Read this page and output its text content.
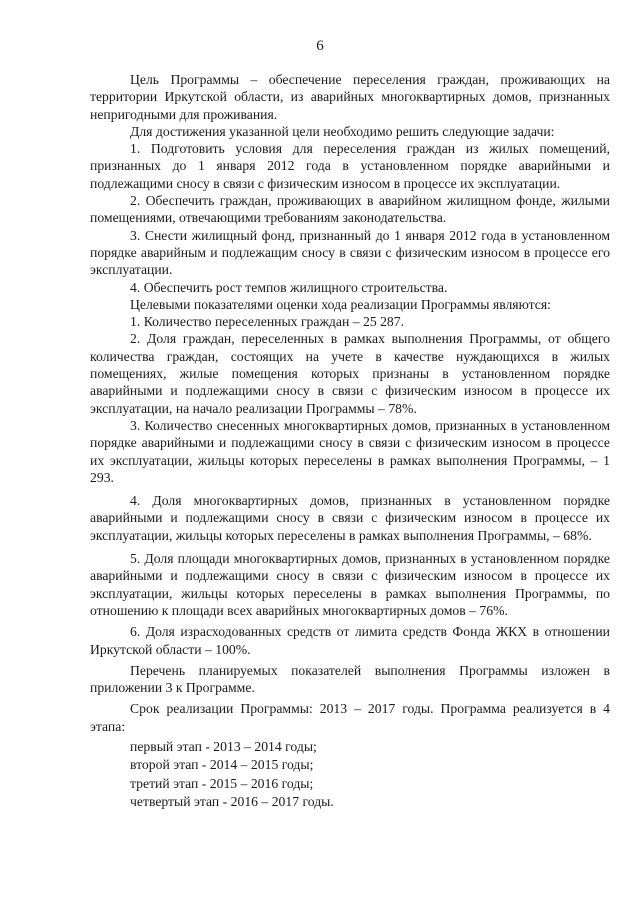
6

Цель Программы – обеспечение переселения граждан, проживающих на территории Иркутской области, из аварийных многоквартирных домов, признанных непригодными для проживания.

Для достижения указанной цели необходимо решить следующие задачи:

1. Подготовить условия для переселения граждан из жилых помещений, признанных до 1 января 2012 года в установленном порядке аварийными и подлежащими сносу в связи с физическим износом в процессе их эксплуатации.

2. Обеспечить граждан, проживающих в аварийном жилищном фонде, жилыми помещениями, отвечающими требованиям законодательства.

3. Снести жилищный фонд, признанный до 1 января 2012 года в установленном порядке аварийным и подлежащим сносу в связи с физическим износом в процессе его эксплуатации.

4. Обеспечить рост темпов жилищного строительства.

Целевыми показателями оценки хода реализации Программы являются:

1. Количество переселенных граждан – 25 287.

2. Доля граждан, переселенных в рамках выполнения Программы, от общего количества граждан, состоящих на учете в качестве нуждающихся в жилых помещениях, жилые помещения которых признаны в установленном порядке аварийными и подлежащими сносу в связи с физическим износом в процессе их эксплуатации, на начало реализации Программы – 78%.

3. Количество снесенных многоквартирных домов, признанных в установленном порядке аварийными и подлежащими сносу в связи с физическим износом в процессе их эксплуатации, жильцы которых переселены в рамках выполнения Программы, – 1 293.

4. Доля многоквартирных домов, признанных в установленном порядке аварийными и подлежащими сносу в связи с физическим износом в процессе их эксплуатации, жильцы которых переселены в рамках выполнения Программы, – 68%.

5. Доля площади многоквартирных домов, признанных в установленном порядке аварийными и подлежащими сносу в связи с физическим износом в процессе их эксплуатации, жильцы которых переселены в рамках выполнения Программы, по отношению к площади всех аварийных многоквартирных домов – 76%.

6. Доля израсходованных средств от лимита средств Фонда ЖКХ в отношении Иркутской области – 100%.

Перечень планируемых показателей выполнения Программы изложен в приложении 3 к Программе.

Срок реализации Программы: 2013 – 2017 годы. Программа реализуется в 4 этапа:

первый этап - 2013 – 2014 годы;
второй этап - 2014 – 2015 годы;
третий этап - 2015 – 2016 годы;
четвертый этап - 2016 – 2017 годы.
